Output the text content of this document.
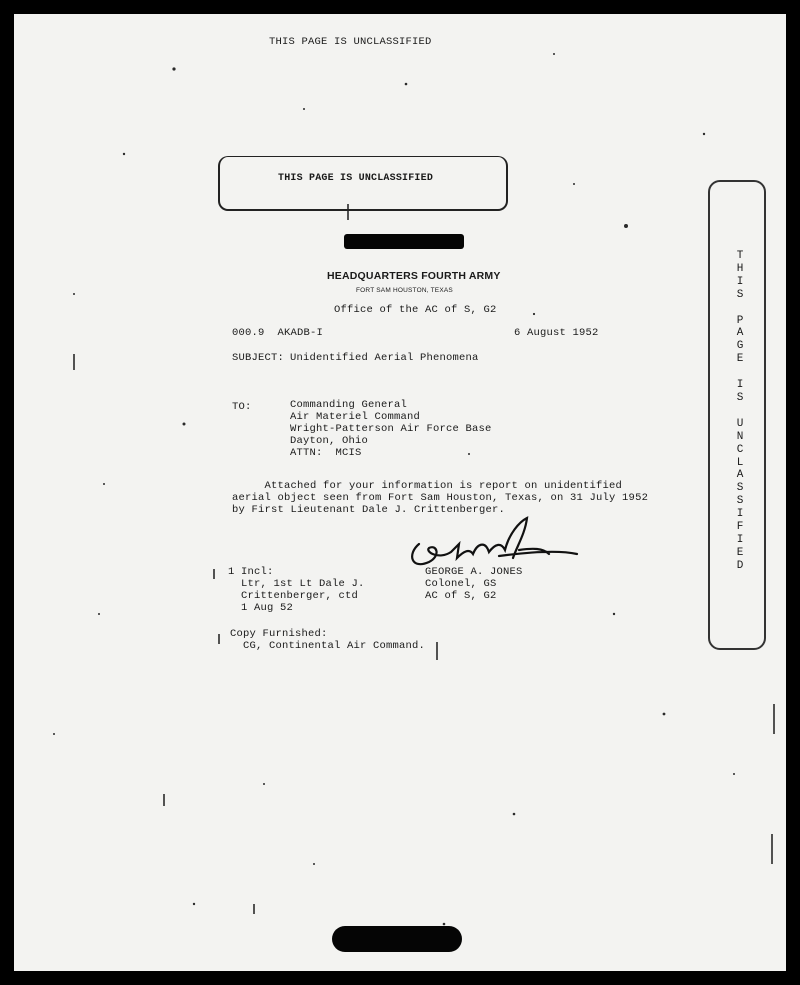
THIS PAGE IS UNCLASSIFIED
THIS PAGE IS UNCLASSIFIED
HEADQUARTERS FOURTH ARMY
FORT SAM HOUSTON, TEXAS
Office of the AC of S, G2
000.9  AKADB-I	6 August 1952
SUBJECT: Unidentified Aerial Phenomena
TO:	Commanding General
Air Materiel Command
Wright-Patterson Air Force Base
Dayton, Ohio
ATTN:  MCIS
Attached for your information is report on unidentified
aerial object seen from Fort Sam Houston, Texas, on 31 July 1952
by First Lieutenant Dale J. Crittenberger.
1 Incl:
Ltr, 1st Lt Dale J.
Crittenberger, ctd
1 Aug 52
GEORGE A. JONES
Colonel, GS
AC of S, G2
Copy Furnished:
CG, Continental Air Command.
T
H
I
S

P
A
G
E

I
S

U
N
C
L
A
S
S
I
F
I
E
D
